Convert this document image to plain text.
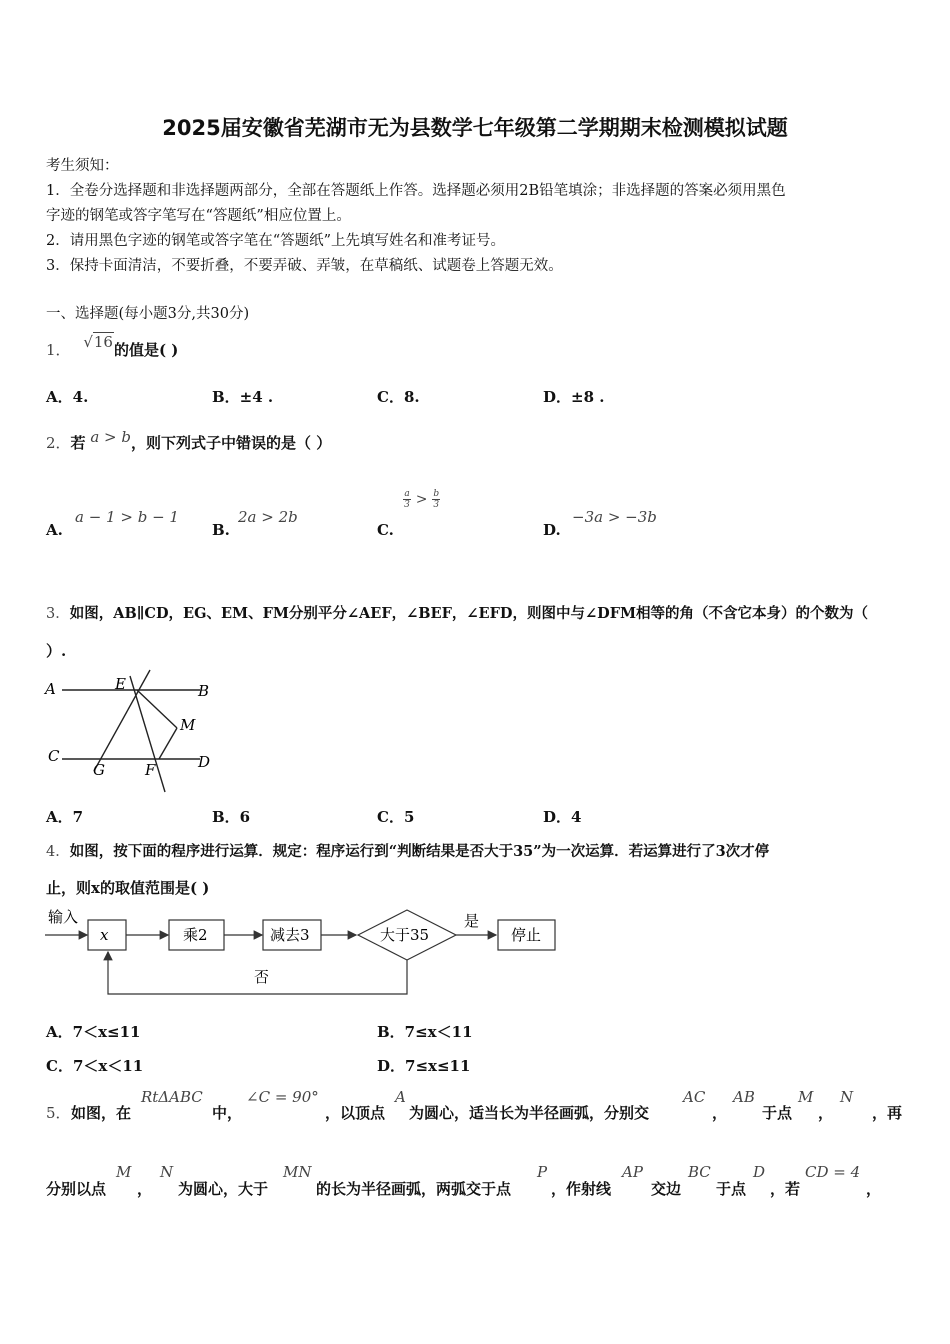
2025届安徽省芜湖市无为县数学七年级第二学期期末检测模拟试题
考生须知：
1．全卷分选择题和非选择题两部分，全部在答题纸上作答。选择题必须用2B铅笔填涂；非选择题的答案必须用黑色
字迹的钢笔或答字笔写在“答题纸”相应位置上。
2．请用黑色字迹的钢笔或答字笔在“答题纸”上先填写姓名和准考证号。
3．保持卡面清洁，不要折叠，不要弄破、弄皱，在草稿纸、试题卷上答题无效。
一、选择题(每小题3分,共30分)
1． √16的值是( )
A．4.	B．±4 .	C．8.	D．±8 .
2．若 a > b，则下列式子中错误的是（ ）
A.
a − 1 > b − 1
B.
2a > 2b
C.
$\frac{a}{3} > \frac{b}{3}$
D.
−3a > −3b
3．如图，AB∥CD，EG、EM、FM分别平分∠AEF，∠BEF，∠EFD，则图中与∠DFM相等的角（不含它本身）的个数为（
）.
A	E	B
M
C
G	F	D
A．7	B．6	C．5	D．4
4．如图，按下面的程序进行运算．规定：程序运行到“判断结果是否大于35”为一次运算．若运算进行了3次才停
止，则x的取值范围是( )
输入
x	乘2	减去3	大于35
是
停止
否
A．7＜x≤11	B．7≤x＜11
C．7＜x＜11	D．7≤x≤11
5． 如图，在
RtΔABC
中，
∠C = 90°
，以顶点
A
为圆心，适当长为半径画弧，分别交
AC
，
AB
于点
M
，
N
，再
分别以点
M
，
N
为圆心，大于
MN
的长为半径画弧，两弧交于点
P
，作射线
AP
交边
BC
于点
D
，若
CD = 4
，
